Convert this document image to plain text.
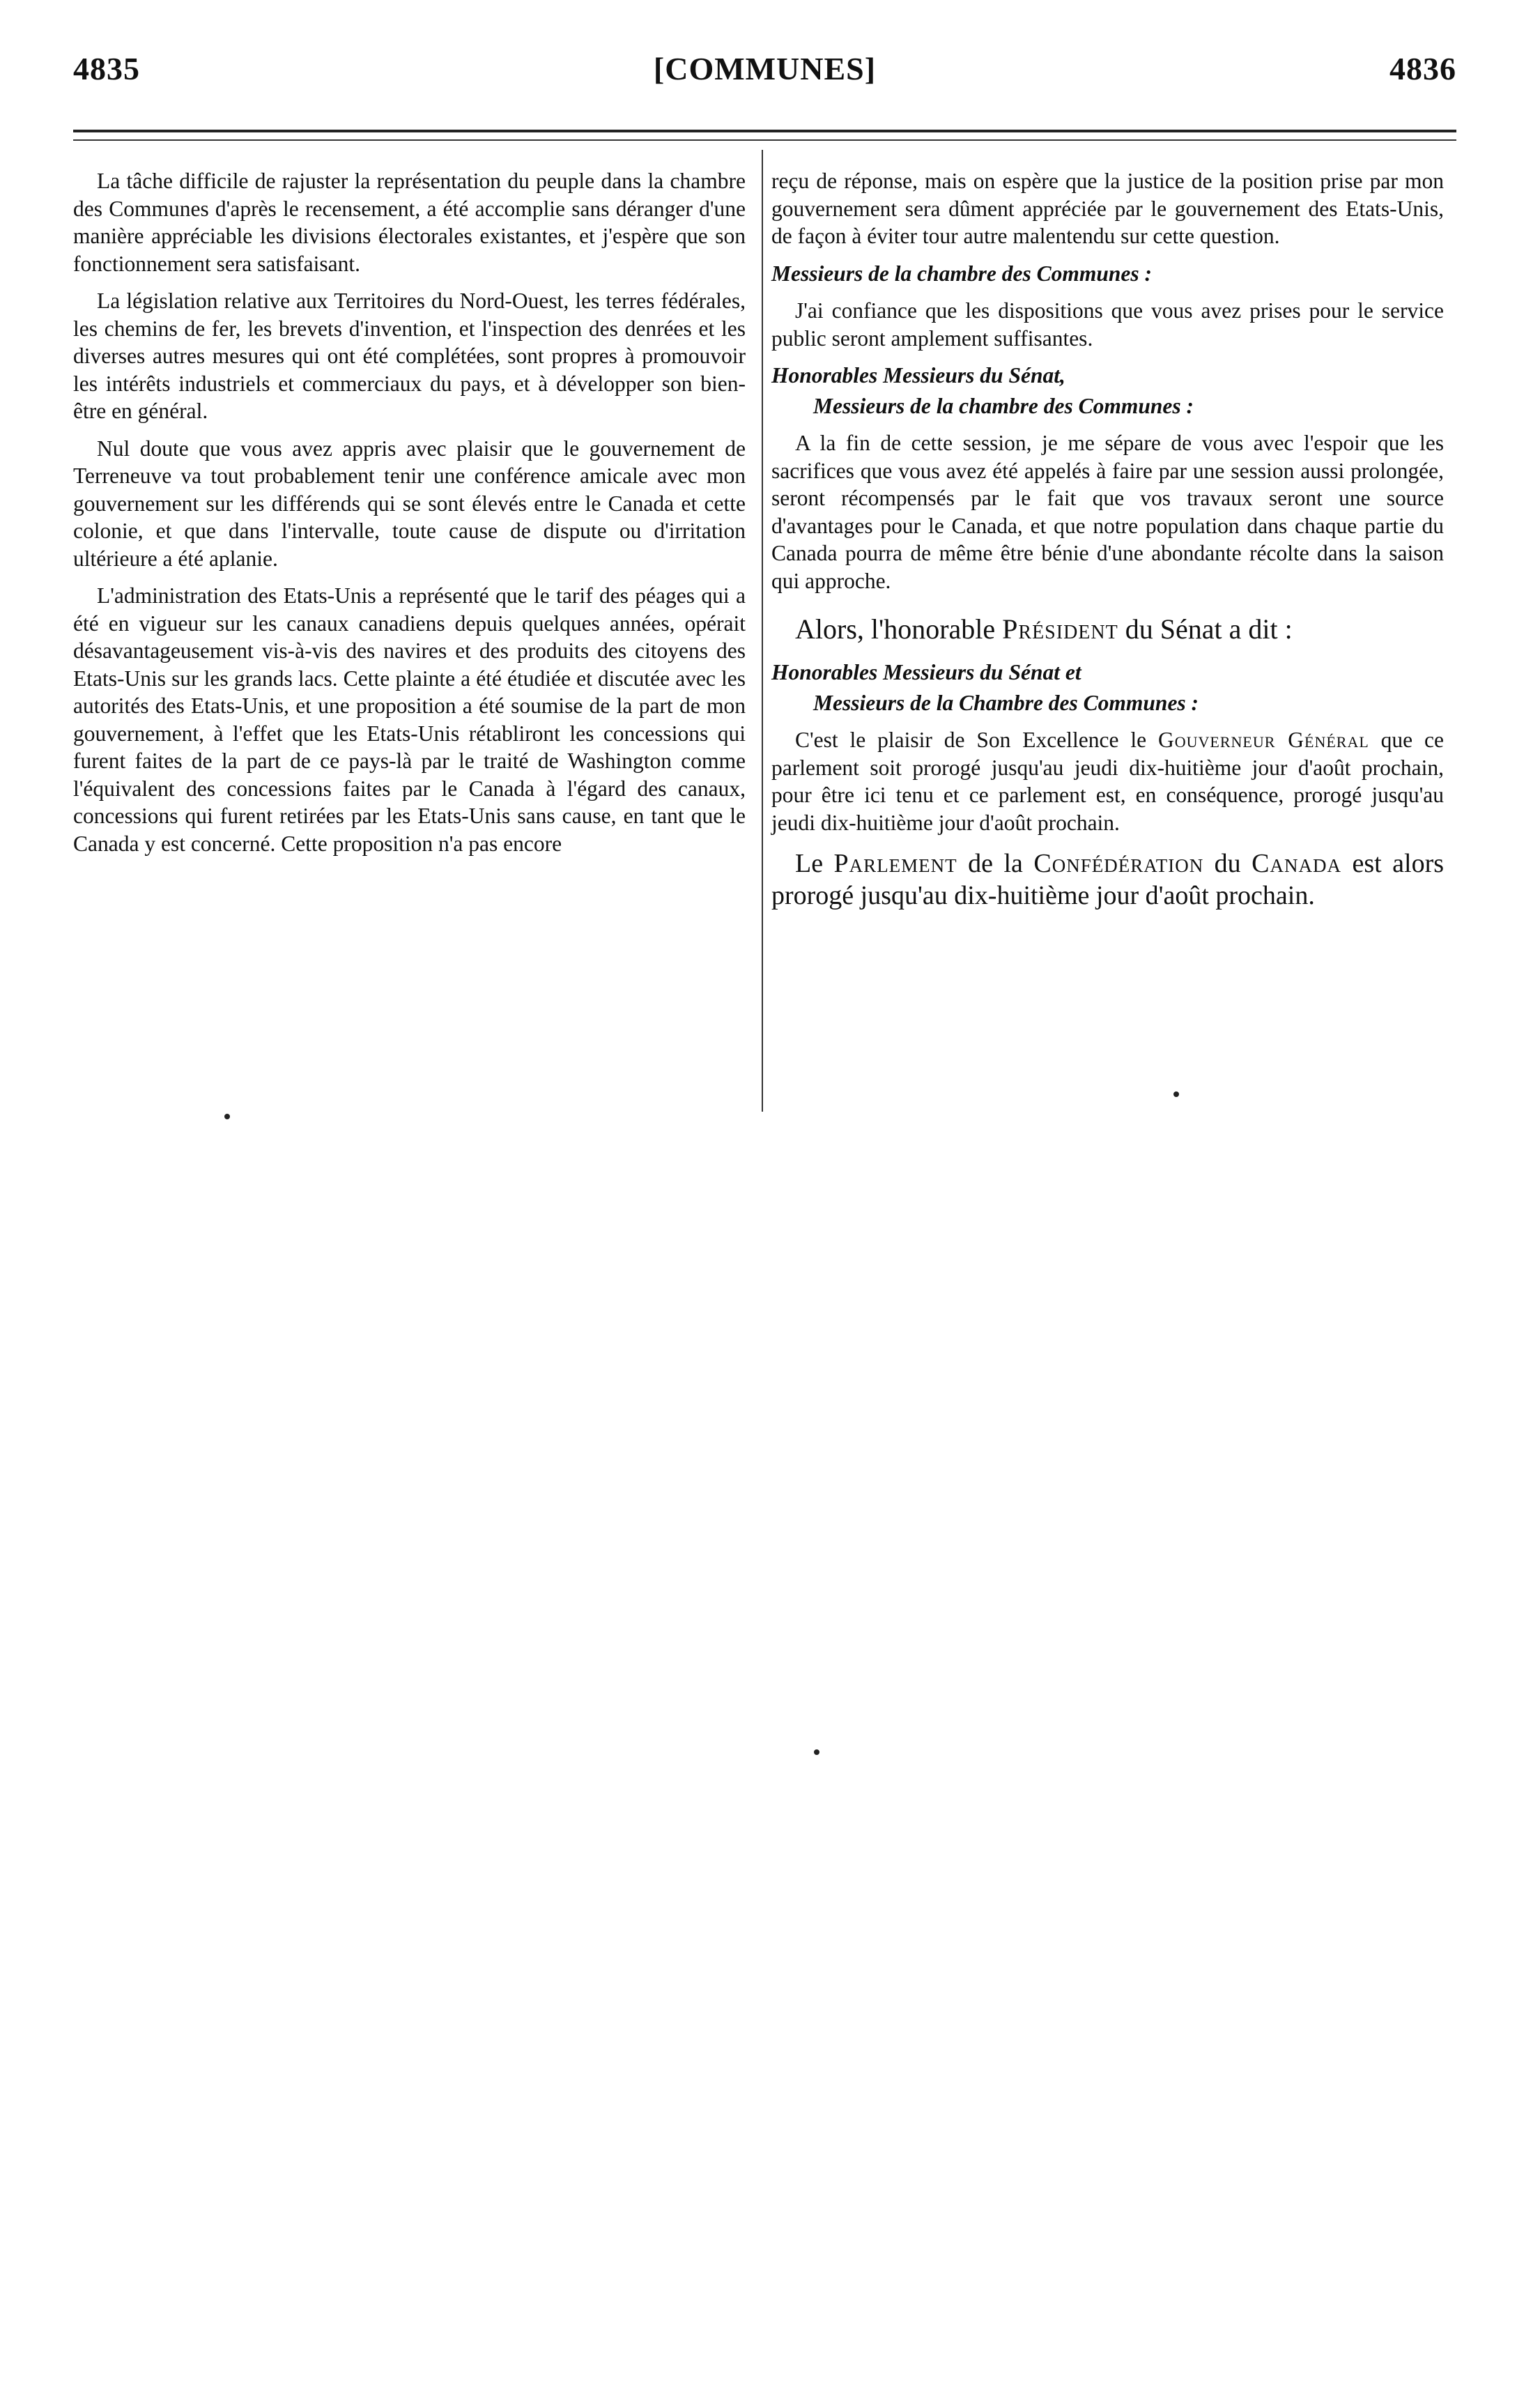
4835	[COMMUNES]	4836

La tâche difficile de rajuster la représentation du peuple dans la chambre des Communes d'après le recensement, a été accomplie sans déranger d'une manière appréciable les divisions électorales existantes, et j'espère que son fonctionnement sera satisfaisant.

La législation relative aux Territoires du Nord-Ouest, les terres fédérales, les chemins de fer, les brevets d'invention, et l'inspection des denrées et les diverses autres mesures qui ont été complétées, sont propres à promouvoir les intérêts industriels et commerciaux du pays, et à développer son bien-être en général.

Nul doute que vous avez appris avec plaisir que le gouvernement de Terreneuve va tout probablement tenir une conférence amicale avec mon gouvernement sur les différends qui se sont élevés entre le Canada et cette colonie, et que dans l'intervalle, toute cause de dispute ou d'irritation ultérieure a été aplanie.

L'administration des Etats-Unis a représenté que le tarif des péages qui a été en vigueur sur les canaux canadiens depuis quelques années, opérait désavantageusement vis-à-vis des navires et des produits des citoyens des Etats-Unis sur les grands lacs. Cette plainte a été étudiée et discutée avec les autorités des Etats-Unis, et une proposition a été soumise de la part de mon gouvernement, à l'effet que les Etats-Unis rétabliront les concessions qui furent faites de la part de ce pays-là par le traité de Washington comme l'équivalent des concessions faites par le Canada à l'égard des canaux, concessions qui furent retirées par les Etats-Unis sans cause, en tant que le Canada y est concerné. Cette proposition n'a pas encore

reçu de réponse, mais on espère que la justice de la position prise par mon gouvernement sera dûment appréciée par le gouvernement des Etats-Unis, de façon à éviter tour autre malentendu sur cette question.

Messieurs de la chambre des Communes :

J'ai confiance que les dispositions que vous avez prises pour le service public seront amplement suffisantes.

Honorables Messieurs du Sénat,

Messieurs de la chambre des Communes :

A la fin de cette session, je me sépare de vous avec l'espoir que les sacrifices que vous avez été appelés à faire par une session aussi prolongée, seront récompensés par le fait que vos travaux seront une source d'avantages pour le Canada, et que notre population dans chaque partie du Canada pourra de même être bénie d'une abondante récolte dans la saison qui approche.

Alors, l'honorable Président du Sénat a dit :

Honorables Messieurs du Sénat et

Messieurs de la Chambre des Communes :

C'est le plaisir de Son Excellence le Gouverneur Général que ce parlement soit prorogé jusqu'au jeudi dix-huitième jour d'août prochain, pour être ici tenu et ce parlement est, en conséquence, prorogé jusqu'au jeudi dix-huitième jour d'août prochain.

Le Parlement de la Confédération du Canada est alors prorogé jusqu'au dix-huitième jour d'août prochain.
